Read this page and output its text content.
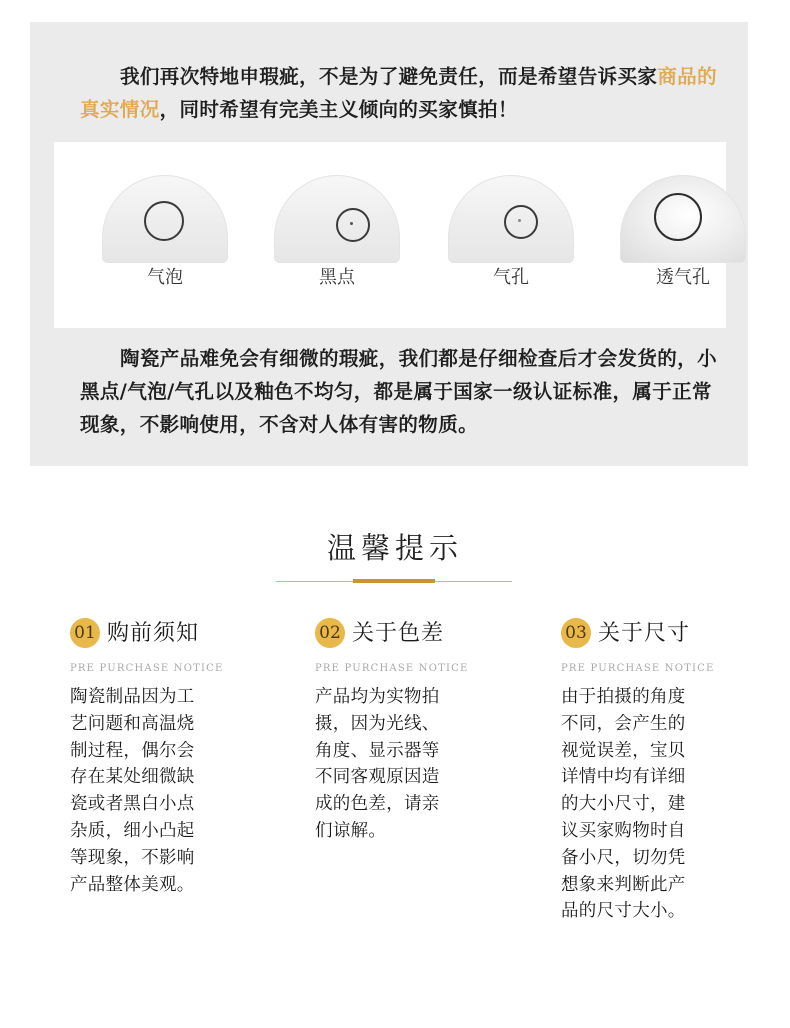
我们再次特地申瑕疵，不是为了避免责任，而是希望告诉买家商品的真实情况，同时希望有完美主义倾向的买家慎拍！
气泡	黑点	气孔	透气孔
陶瓷产品难免会有细微的瑕疵，我们都是仔细检查后才会发货的，小黑点/气泡/气孔以及釉色不均匀，都是属于国家一级认证标准，属于正常现象，不影响使用，不含对人体有害的物质。
温馨提示
01 购前须知
PRE PURCHASE NOTICE
陶瓷制品因为工
艺问题和高温烧
制过程，偶尔会
存在某处细微缺
瓷或者黑白小点
杂质，细小凸起
等现象，不影响
产品整体美观。
02 关于色差
PRE PURCHASE NOTICE
产品均为实物拍
摄，因为光线、
角度、显示器等
不同客观原因造
成的色差，请亲
们谅解。
03 关于尺寸
PRE PURCHASE NOTICE
由于拍摄的角度
不同，会产生的
视觉误差，宝贝
详情中均有详细
的大小尺寸，建
议买家购物时自
备小尺，切勿凭
想象来判断此产
品的尺寸大小。
